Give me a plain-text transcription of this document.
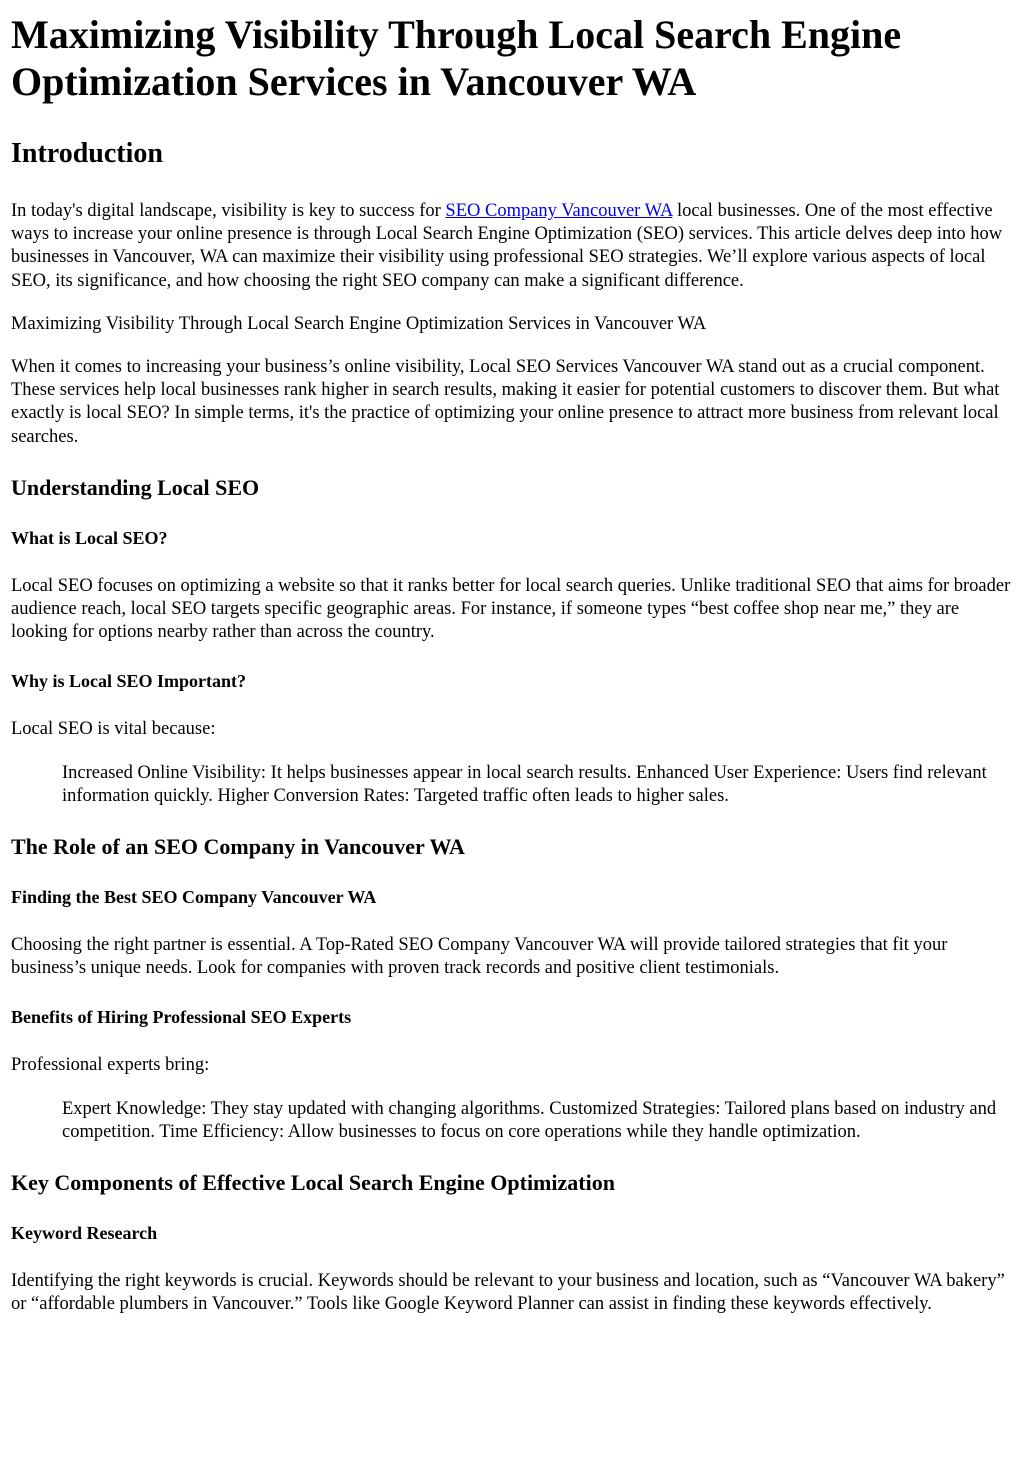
Maximizing Visibility Through Local Search Engine Optimization Services in Vancouver WA
Introduction

In today's digital landscape, visibility is key to success for SEO Company Vancouver WA local businesses. One of the most effective ways to increase your online presence is through Local Search Engine Optimization (SEO) services. This article delves deep into how businesses in Vancouver, WA can maximize their visibility using professional SEO strategies. We’ll explore various aspects of local SEO, its significance, and how choosing the right SEO company can make a significant difference.

Maximizing Visibility Through Local Search Engine Optimization Services in Vancouver WA

When it comes to increasing your business’s online visibility, Local SEO Services Vancouver WA stand out as a crucial component. These services help local businesses rank higher in search results, making it easier for potential customers to discover them. But what exactly is local SEO? In simple terms, it's the practice of optimizing your online presence to attract more business from relevant local searches.

Understanding Local SEO
What is Local SEO?

Local SEO focuses on optimizing a website so that it ranks better for local search queries. Unlike traditional SEO that aims for broader audience reach, local SEO targets specific geographic areas. For instance, if someone types “best coffee shop near me,” they are looking for options nearby rather than across the country.

Why is Local SEO Important?

Local SEO is vital because:

Increased Online Visibility: It helps businesses appear in local search results. Enhanced User Experience: Users find relevant information quickly. Higher Conversion Rates: Targeted traffic often leads to higher sales.

The Role of an SEO Company in Vancouver WA
Finding the Best SEO Company Vancouver WA

Choosing the right partner is essential. A Top-Rated SEO Company Vancouver WA will provide tailored strategies that fit your business’s unique needs. Look for companies with proven track records and positive client testimonials.

Benefits of Hiring Professional SEO Experts

Professional experts bring:

Expert Knowledge: They stay updated with changing algorithms. Customized Strategies: Tailored plans based on industry and competition. Time Efficiency: Allow businesses to focus on core operations while they handle optimization.

Key Components of Effective Local Search Engine Optimization
Keyword Research

Identifying the right keywords is crucial. Keywords should be relevant to your business and location, such as “Vancouver WA bakery” or “affordable plumbers in Vancouver.” Tools like Google Keyword Planner can assist in finding these keywords effectively.
